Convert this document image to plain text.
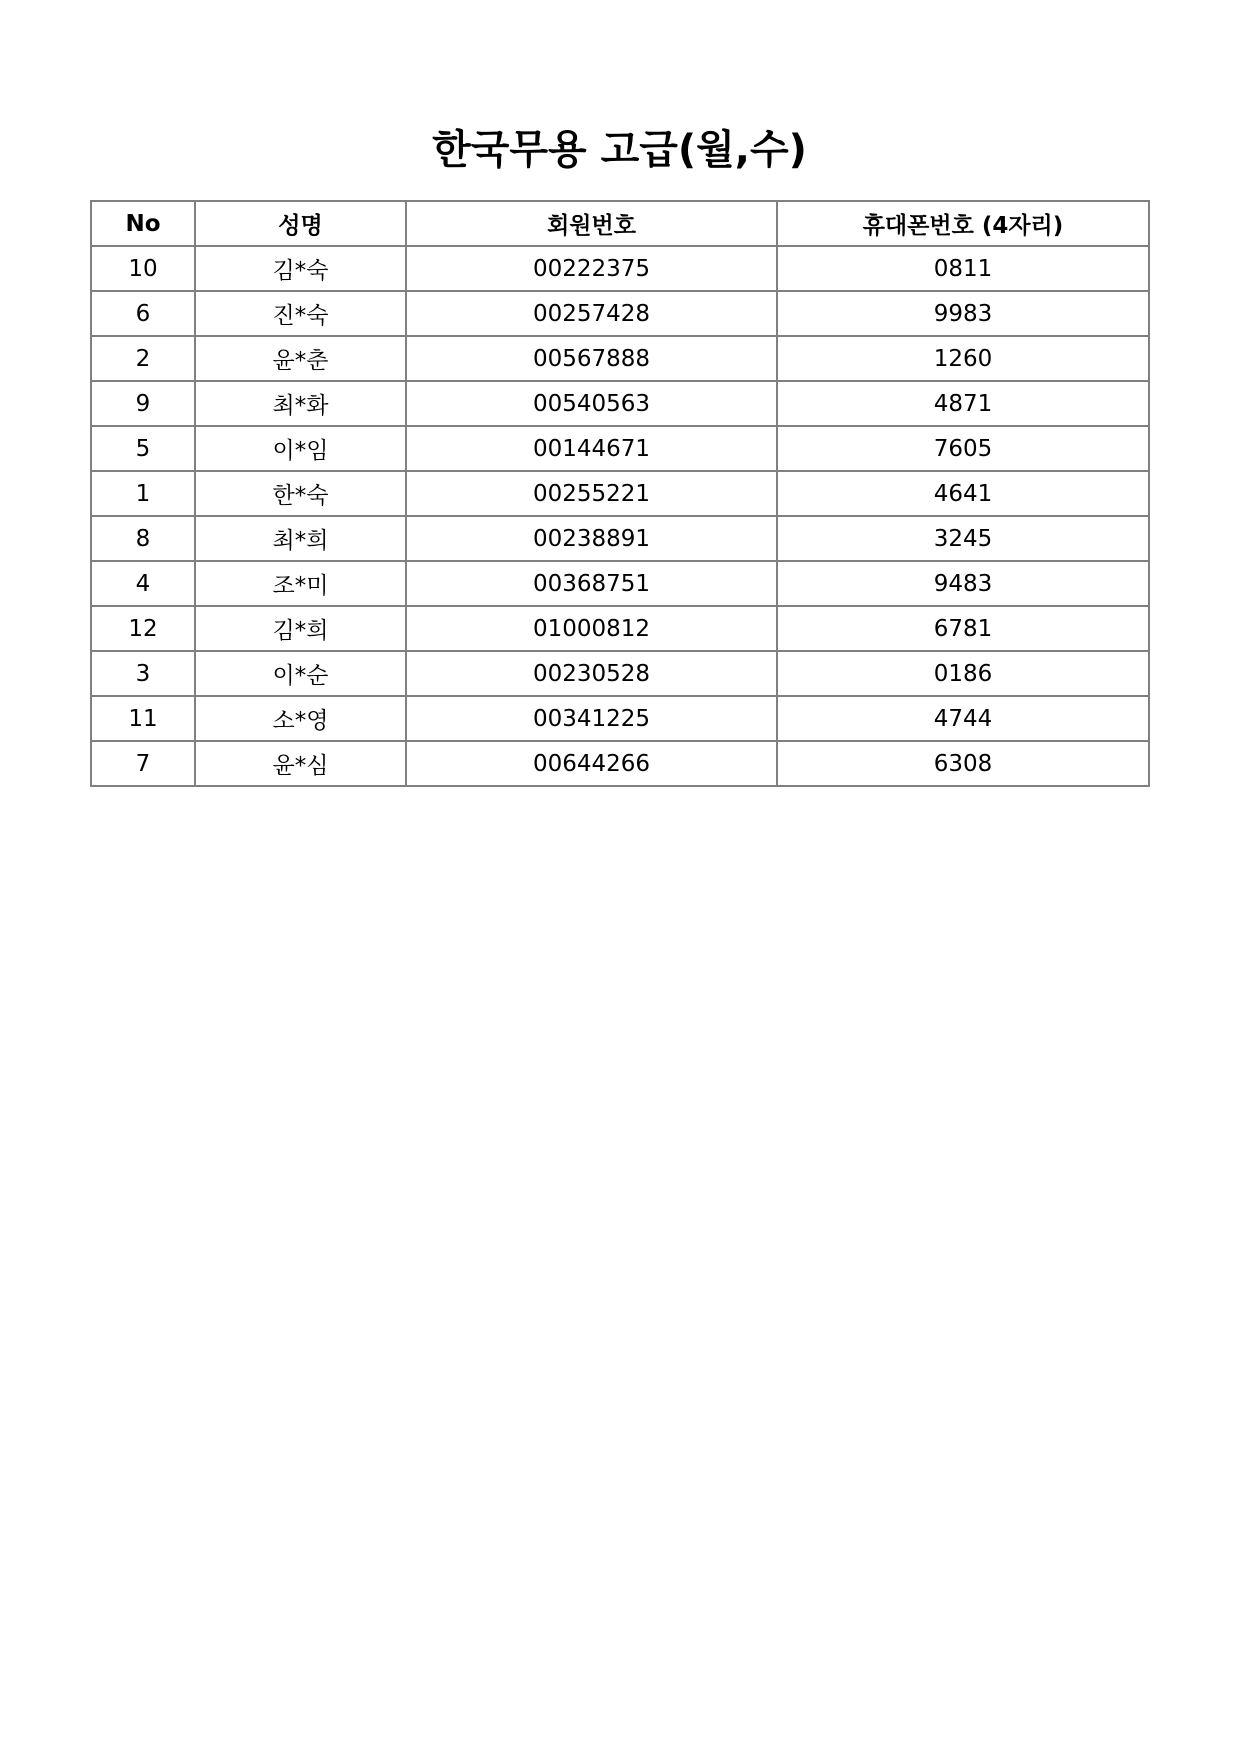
한국무용 고급(월,수)
No	성명	회원번호	휴대폰번호 (4자리)
10	김*숙	00222375	0811
6	진*숙	00257428	9983
2	윤*춘	00567888	1260
9	최*화	00540563	4871
5	이*임	00144671	7605
1	한*숙	00255221	4641
8	최*희	00238891	3245
4	조*미	00368751	9483
12	김*희	01000812	6781
3	이*순	00230528	0186
11	소*영	00341225	4744
7	윤*심	00644266	6308
